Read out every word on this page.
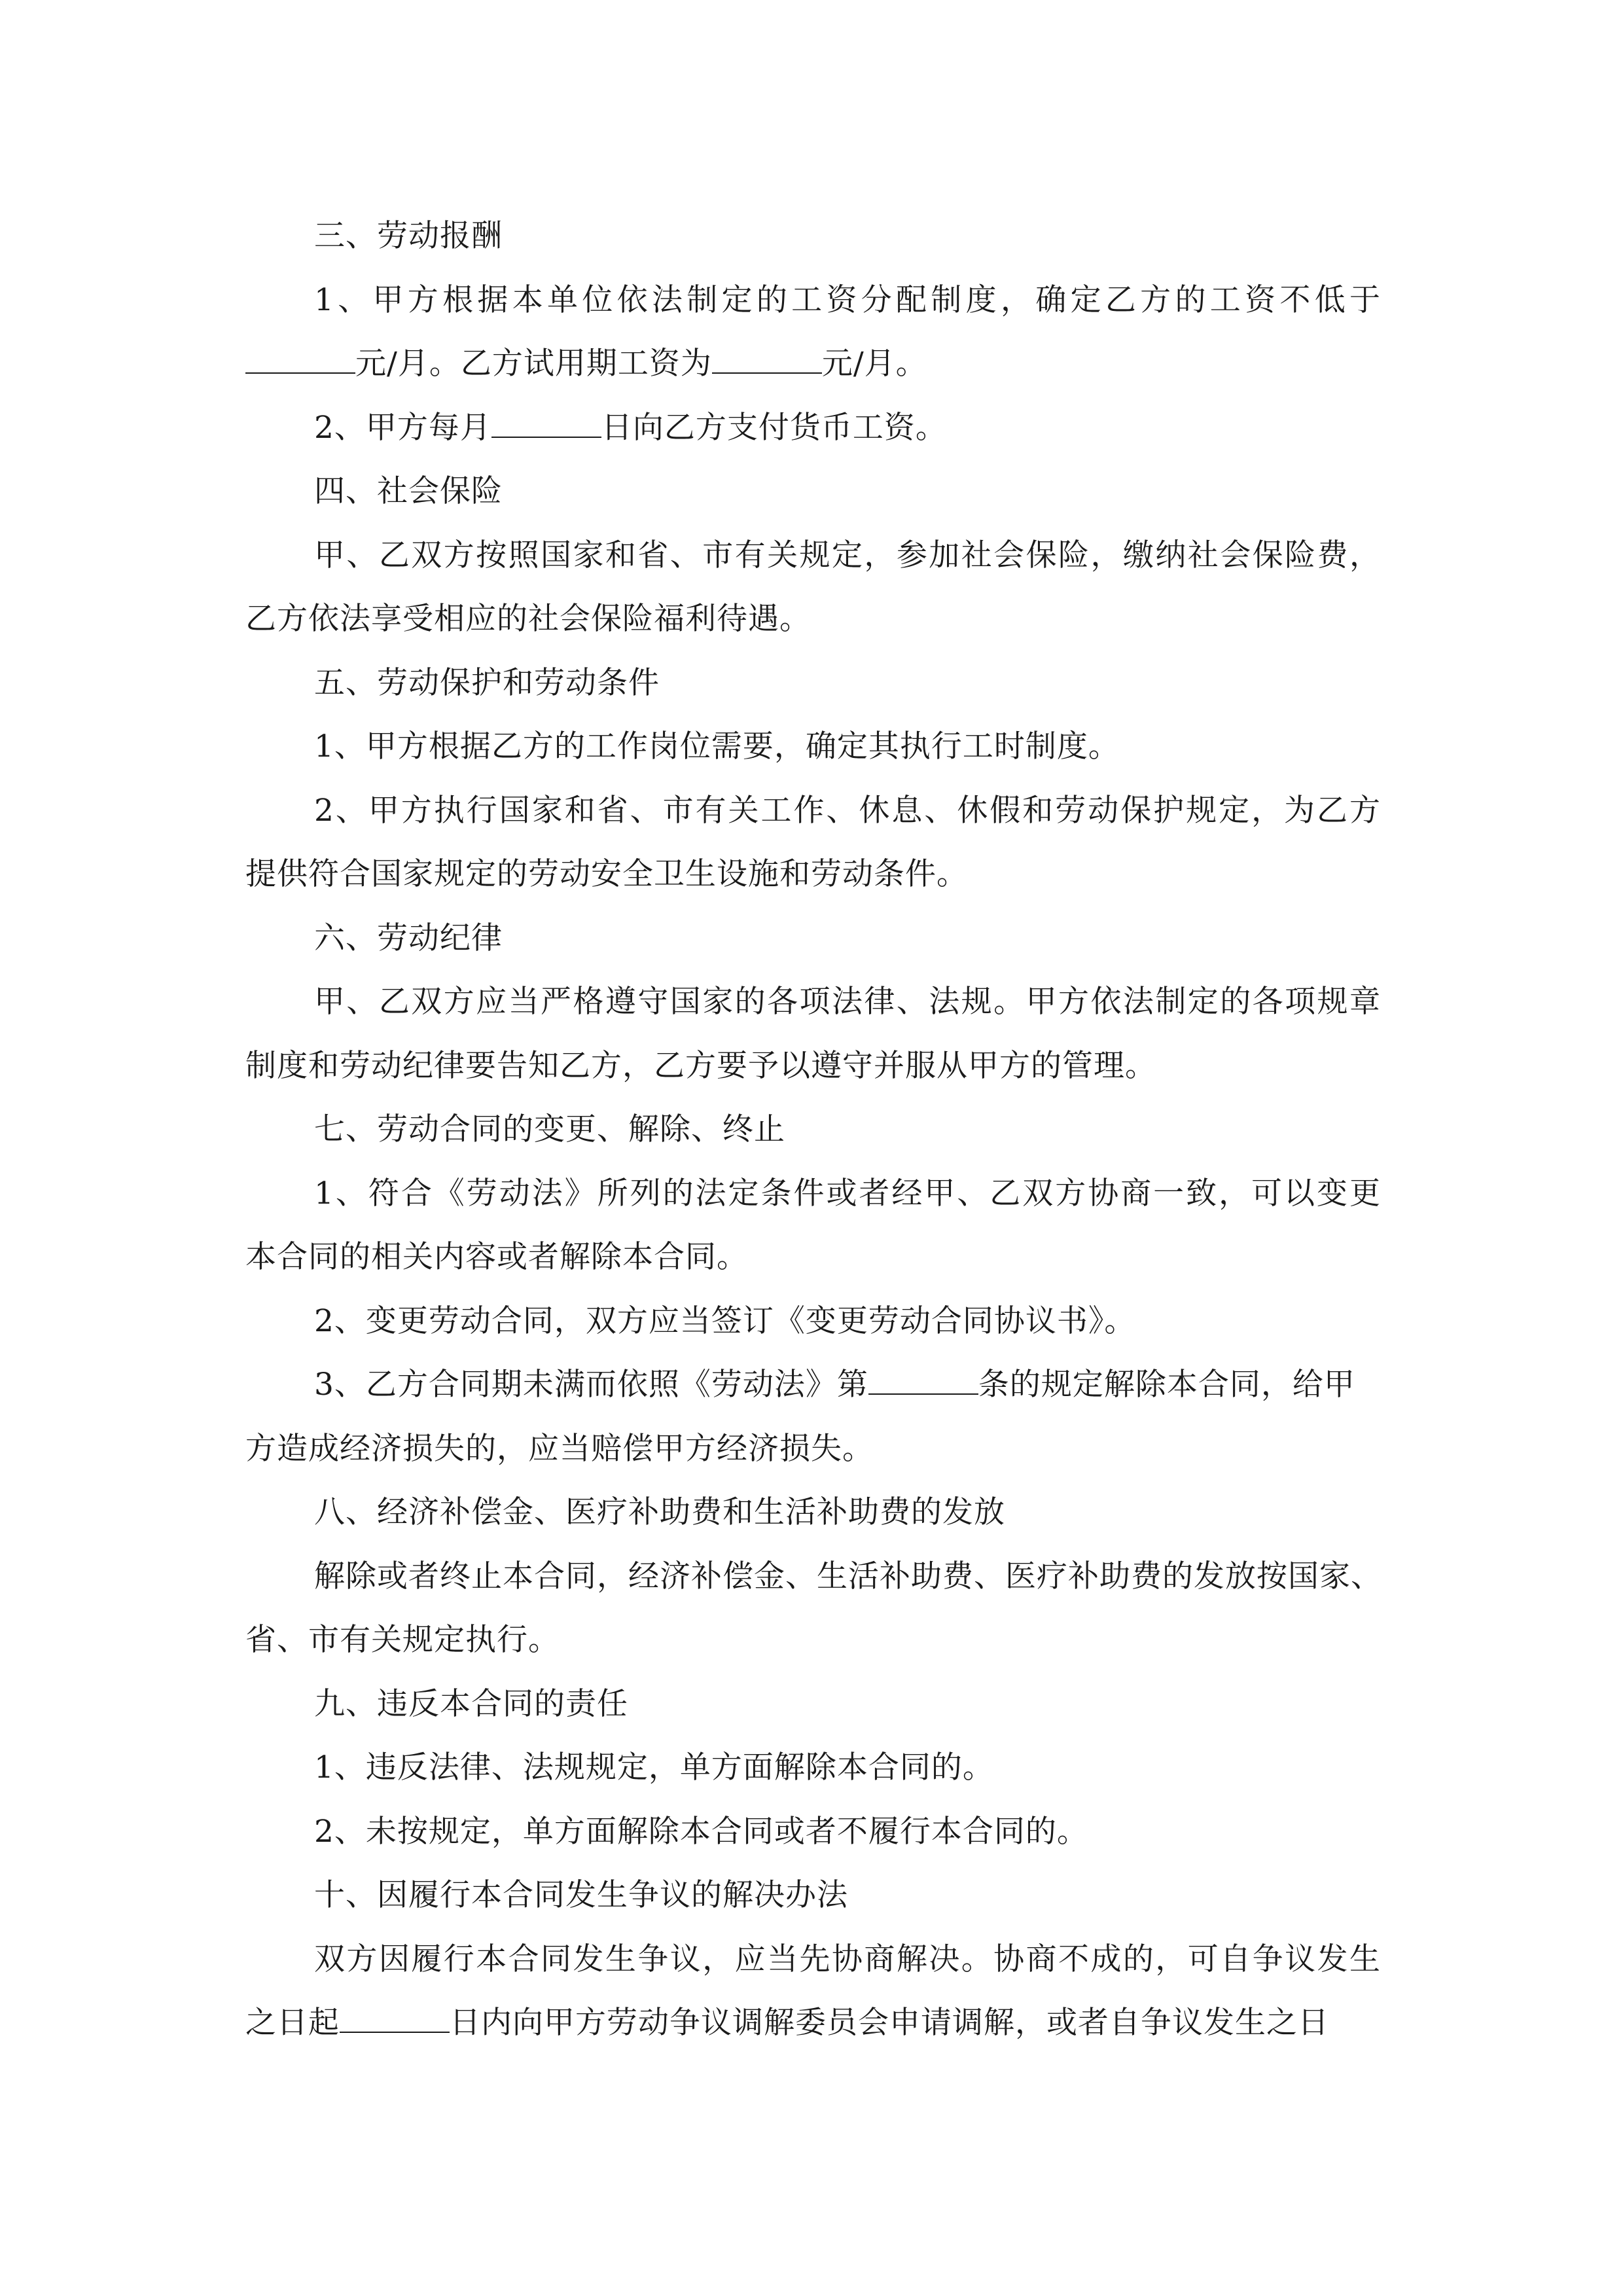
三、劳动报酬
1、甲方根据本单位依法制定的工资分配制度，确定乙方的工资不低于
元/月。乙方试用期工资为	元/月。
2、甲方每月	日向乙方支付货币工资。
四、社会保险
甲、乙双方按照国家和省、市有关规定，参加社会保险，缴纳社会保险费，
乙方依法享受相应的社会保险福利待遇。
五、劳动保护和劳动条件
1、甲方根据乙方的工作岗位需要，确定其执行工时制度。
2、甲方执行国家和省、市有关工作、休息、休假和劳动保护规定，为乙方
提供符合国家规定的劳动安全卫生设施和劳动条件。
六、劳动纪律
甲、乙双方应当严格遵守国家的各项法律、法规。甲方依法制定的各项规章
制度和劳动纪律要告知乙方，乙方要予以遵守并服从甲方的管理。
七、劳动合同的变更、解除、终止
1、符合《劳动法》所列的法定条件或者经甲、乙双方协商一致，可以变更
本合同的相关内容或者解除本合同。
2、变更劳动合同，双方应当签订《变更劳动合同协议书》。
3、乙方合同期未满而依照《劳动法》第	条的规定解除本合同，给甲
方造成经济损失的，应当赔偿甲方经济损失。
八、经济补偿金、医疗补助费和生活补助费的发放
解除或者终止本合同，经济补偿金、生活补助费、医疗补助费的发放按国家、
省、市有关规定执行。
九、违反本合同的责任
1、违反法律、法规规定，单方面解除本合同的。
2、未按规定，单方面解除本合同或者不履行本合同的。
十、因履行本合同发生争议的解决办法
双方因履行本合同发生争议，应当先协商解决。协商不成的，可自争议发生
之日起	日内向甲方劳动争议调解委员会申请调解，或者自争议发生之日
